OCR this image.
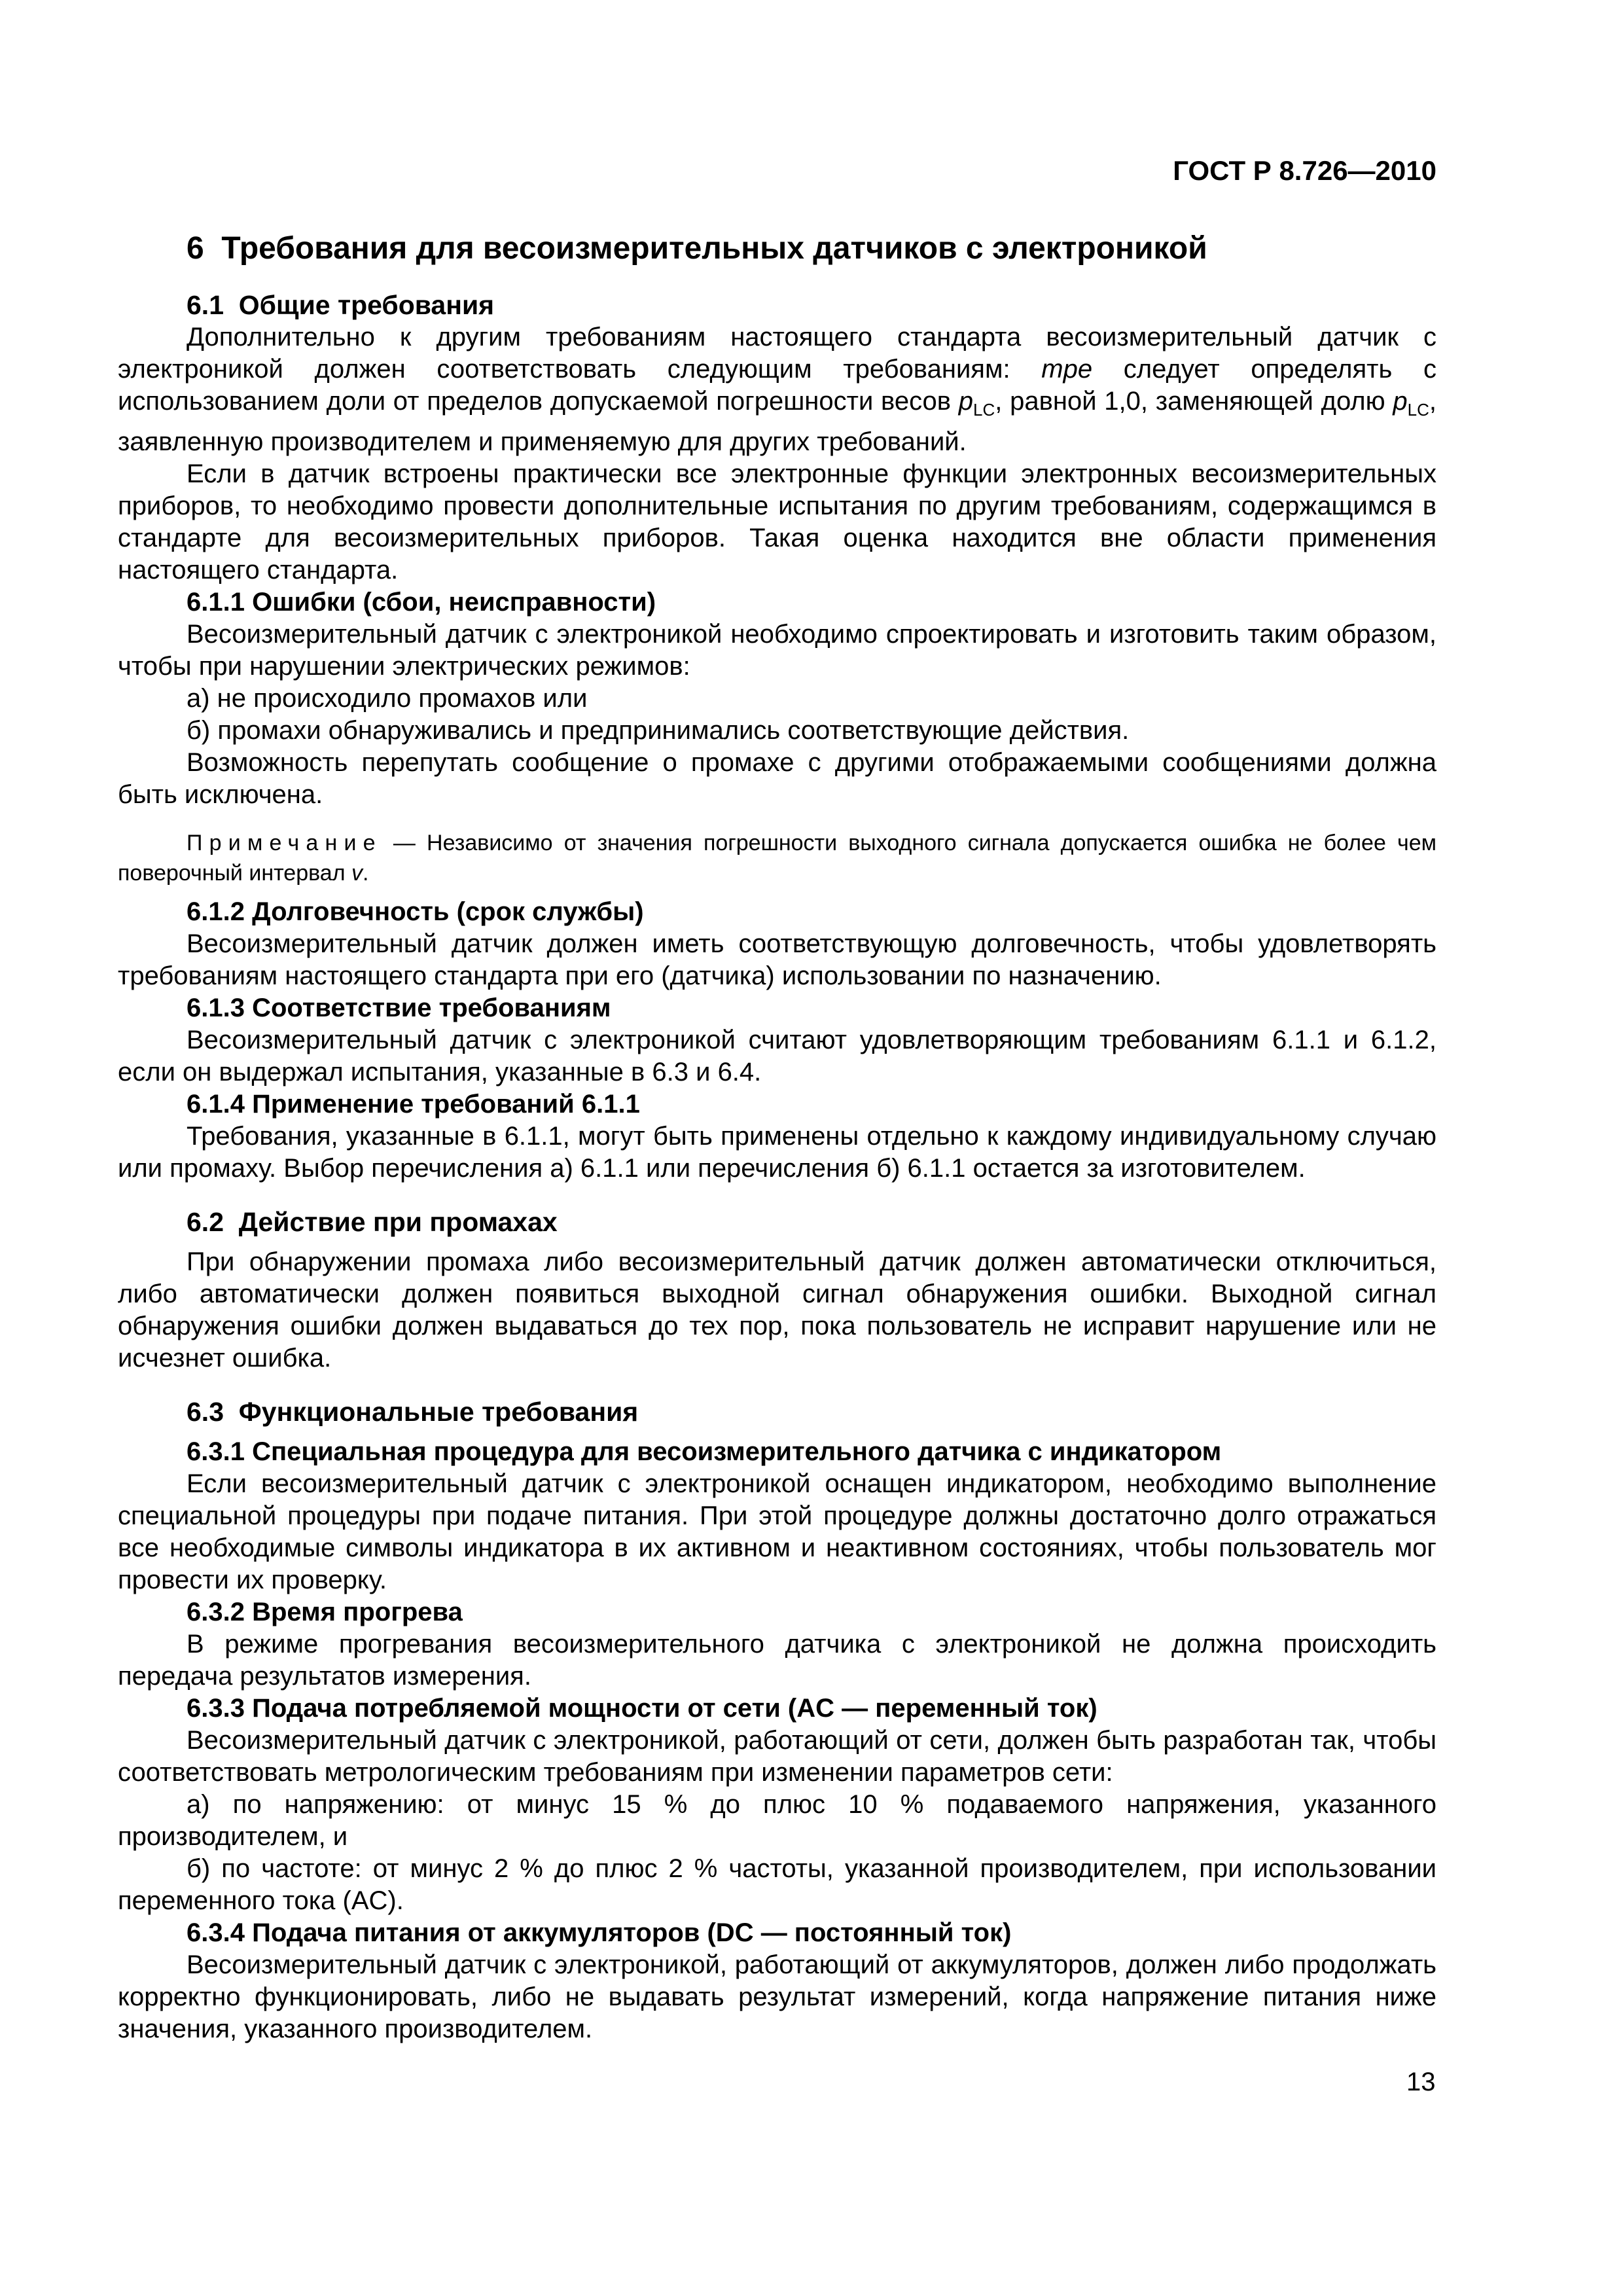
ГОСТ Р 8.726—2010
6  Требования для весоизмерительных датчиков с электроникой
6.1  Общие требования

Дополнительно к другим требованиям настоящего стандарта весоизмерительный датчик с электроникой должен соответствовать следующим требованиям: mpe следует определять с использованием доли от пределов допускаемой погрешности весов $p_{LC}$, равной 1,0, заменяющей долю $p_{LC}$, заявленную производителем и применяемую для других требований.

Если в датчик встроены практически все электронные функции электронных весоизмерительных приборов, то необходимо провести дополнительные испытания по другим требованиям, содержащимся в стандарте для весоизмерительных приборов. Такая оценка находится вне области применения настоящего стандарта.

6.1.1 Ошибки (сбои, неисправности)

Весоизмерительный датчик с электроникой необходимо спроектировать и изготовить таким образом, чтобы при нарушении электрических режимов:

а) не происходило промахов или

б) промахи обнаруживались и предпринимались соответствующие действия.

Возможность перепутать сообщение о промахе с другими отображаемыми сообщениями должна быть исключена.

Примечание — Независимо от значения погрешности выходного сигнала допускается ошибка не более чем поверочный интервал v.

6.1.2 Долговечность (срок службы)

Весоизмерительный датчик должен иметь соответствующую долговечность, чтобы удовлетворять требованиям настоящего стандарта при его (датчика) использовании по назначению.

6.1.3 Соответствие требованиям

Весоизмерительный датчик с электроникой считают удовлетворяющим требованиям 6.1.1 и 6.1.2, если он выдержал испытания, указанные в 6.3 и 6.4.

6.1.4 Применение требований 6.1.1

Требования, указанные в 6.1.1, могут быть применены отдельно к каждому индивидуальному случаю или промаху. Выбор перечисления а) 6.1.1 или перечисления б) 6.1.1 остается за изготовителем.

6.2  Действие при промахах

При обнаружении промаха либо весоизмерительный датчик должен автоматически отключиться, либо автоматически должен появиться выходной сигнал обнаружения ошибки. Выходной сигнал обнаружения ошибки должен выдаваться до тех пор, пока пользователь не исправит нарушение или не исчезнет ошибка.

6.3  Функциональные требования
6.3.1 Специальная процедура для весоизмерительного датчика с индикатором

Если весоизмерительный датчик с электроникой оснащен индикатором, необходимо выполнение специальной процедуры при подаче питания. При этой процедуре должны достаточно долго отражаться все необходимые символы индикатора в их активном и неактивном состояниях, чтобы пользователь мог провести их проверку.

6.3.2 Время прогрева

В режиме прогревания весоизмерительного датчика с электроникой не должна происходить передача результатов измерения.

6.3.3 Подача потребляемой мощности от сети (AC — переменный ток)

Весоизмерительный датчик с электроникой, работающий от сети, должен быть разработан так, чтобы соответствовать метрологическим требованиям при изменении параметров сети:

а) по напряжению: от минус 15 % до плюс 10 % подаваемого напряжения, указанного производителем, и

б) по частоте: от минус 2 % до плюс 2 % частоты, указанной производителем, при использовании переменного тока (AC).

6.3.4 Подача питания от аккумуляторов (DC — постоянный ток)

Весоизмерительный датчик с электроникой, работающий от аккумуляторов, должен либо продолжать корректно функционировать, либо не выдавать результат измерений, когда напряжение питания ниже значения, указанного производителем.

13
